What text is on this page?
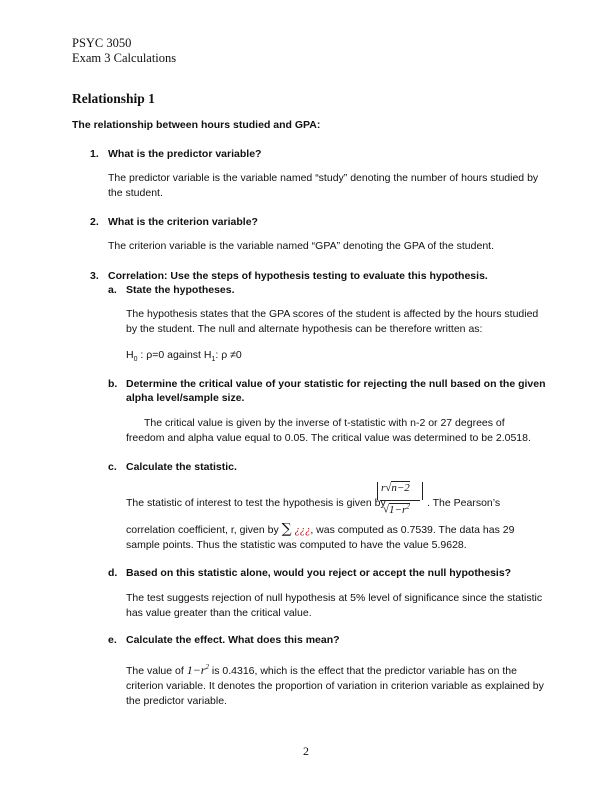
PSYC 3050
Exam 3 Calculations
Relationship 1
The relationship between hours studied and GPA:
1. What is the predictor variable?

The predictor variable is the variable named “study” denoting the number of hours studied by the student.

2. What is the criterion variable?

The criterion variable is the variable named “GPA” denoting the GPA of the student.

3. Correlation: Use the steps of hypothesis testing to evaluate this hypothesis.
a. State the hypotheses.

The hypothesis states that the GPA scores of the student is affected by the hours studied by the student. The null and alternate hypothesis can be therefore written as:

$H_0$ : ρ=0 against $H_1$: ρ ≠0
b. Determine the critical value of your statistic for rejecting the null based on the given alpha level/sample size.

The critical value is given by the inverse of t-statistic with n-2 or 27 degrees of freedom and alpha value equal to 0.05. The critical value was determined to be 2.0518.

c. Calculate the statistic.
The statistic of interest to test the hypothesis is given by
r√n−2
$√1-r^2$ . The Pearson’s
correlation coefficient, r, given by ∑ ¿¿¿, was computed as 0.7539. The data has 29 sample points. Thus the statistic was computed to have the value 5.9628.
d. Based on this statistic alone, would you reject or accept the null hypothesis?

The test suggests rejection of null hypothesis at 5% level of significance since the statistic has value greater than the critical value.

e. Calculate the effect. What does this mean?

The value of $1-r^2$ is 0.4316, which is the effect that the predictor variable has on the criterion variable. It denotes the proportion of variation in criterion variable as explained by the predictor variable.

2
